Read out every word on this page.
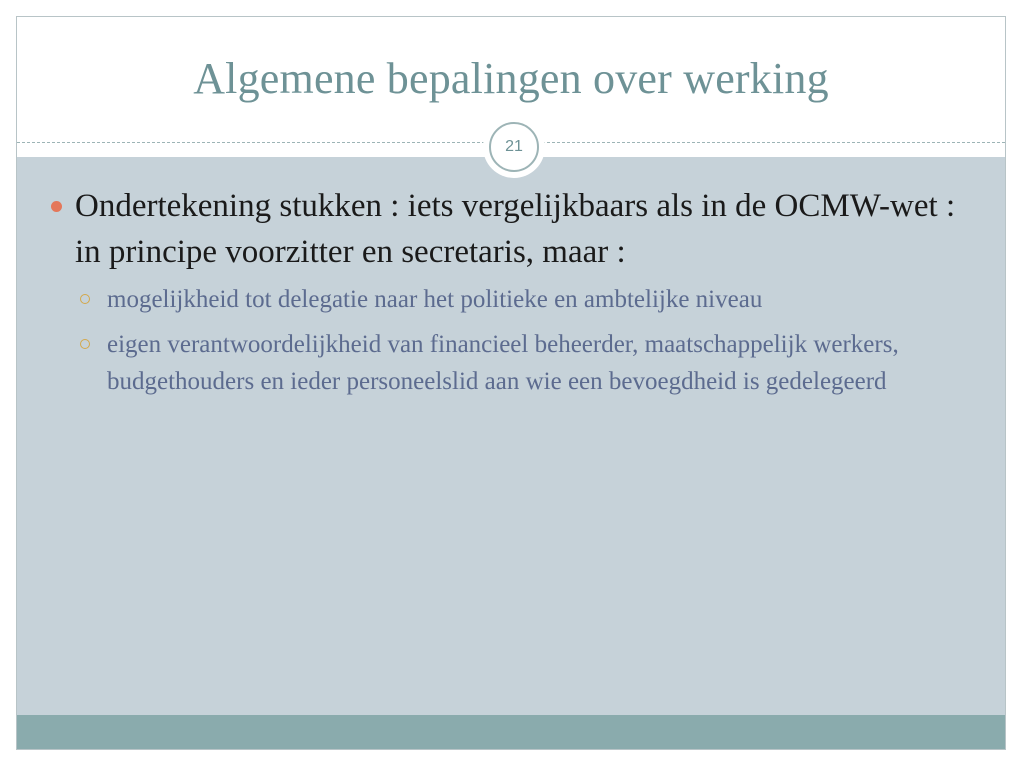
Algemene bepalingen over werking
21
Ondertekening stukken : iets vergelijkbaars als in de OCMW-wet : in principe voorzitter en secretaris, maar :
mogelijkheid tot delegatie naar het politieke en ambtelijke niveau
eigen verantwoordelijkheid van financieel beheerder, maatschappelijk werkers, budgethouders en ieder personeelslid aan wie een bevoegdheid is gedelegeerd
